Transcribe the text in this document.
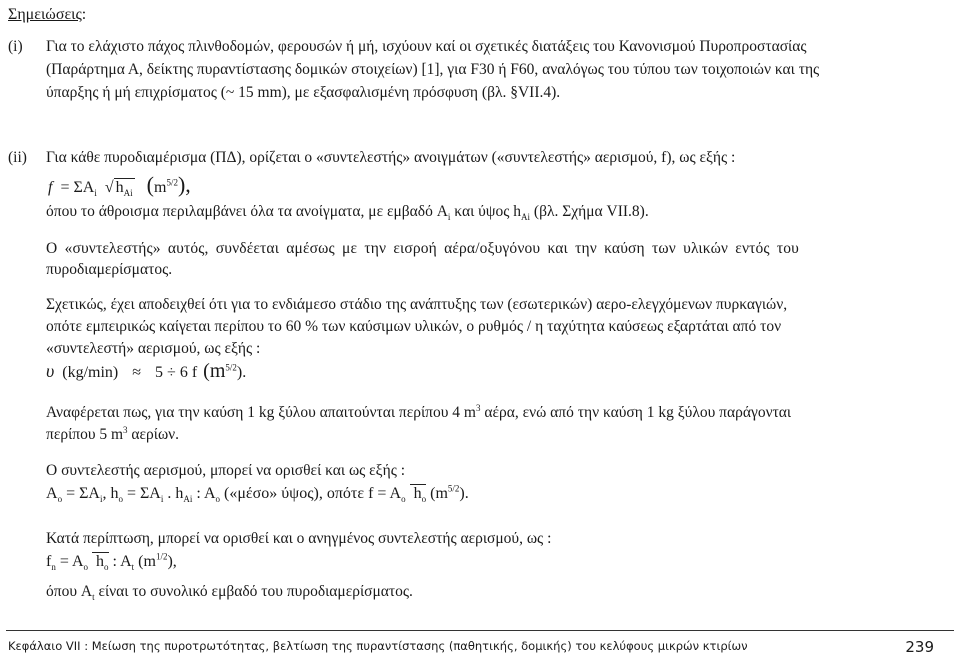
Σημειώσεις:
(i) Για το ελάχιστο πάχος πλινθοδομών, φερουσών ή μή, ισχύουν καί οι σχετικές διατάξεις του Κανονισμού Πυροπροστασίας
(Παράρτημα Α, δείκτης πυραντίστασης δομικών στοιχείων) [1], για F30 ή F60, αναλόγως του τύπου των τοιχοποιών και της
ύπαρξης ή μή επιχρίσματος (~ 15 mm), με εξασφαλισμένη πρόσφυση (βλ. §VII.4).
(ii) Για κάθε πυροδιαμέρισμα (ΠΔ), ορίζεται ο «συντελεστής» ανοιγμάτων («συντελεστής» αερισμού, f), ως εξής :
$f = \Sigma A_i$ √ $h_{Ai}$ $(m^{5/2})$,
όπου το άθροισμα περιλαμβάνει όλα τα ανοίγματα, με εμβαδό $A_i$ και ύψος $h_{Ai}$ (βλ. Σχήμα VII.8).
Ο «συντελεστής» αυτός, συνδέεται αμέσως με την εισροή αέρα/οξυγόνου και την καύση των υλικών εντός του
πυροδιαμερίσματος.
Σχετικώς, έχει αποδειχθεί ότι για το ενδιάμεσο στάδιο της ανάπτυξης των (εσωτερικών) αερο-ελεγχόμενων πυρκαγιών,
οπότε εμπειρικώς καίγεται περίπου το 60 % των καύσιμων υλικών, ο ρυθμός / η ταχύτητα καύσεως εξαρτάται από τον
«συντελεστή» αερισμού, ως εξής :
υ (kg/min) ≈ 5 ÷ 6 f $(m^{5/2})$.
Αναφέρεται πως, για την καύση 1 kg ξύλου απαιτούνται περίπου 4 $m^3$ αέρα, ενώ από την καύση 1 kg ξύλου παράγονται
περίπου 5 $m^3$ αερίων.
Ο συντελεστής αερισμού, μπορεί να ορισθεί και ως εξής :
$A_o = \Sigma A_i$, $h_o = \Sigma A_i$ . $h_{Ai}$ : $A_o$ («μέσο» ύψος), οπότε $f = A_o$ $h_o$ $(m^{5/2})$.
Κατά περίπτωση, μπορεί να ορισθεί και ο ανηγμένος συντελεστής αερισμού, ως :
$f_n = A_o$ $h_o$ : $A_t$ $(m^{1/2})$,
όπου $A_t$ είναι το συνολικό εμβαδό του πυροδιαμερίσματος.
Κεφάλαιο VII : Μείωση της πυροτρωτότητας, βελτίωση της πυραντίστασης (παθητικής, δομικής) του κελύφους μικρών κτιρίων	239
